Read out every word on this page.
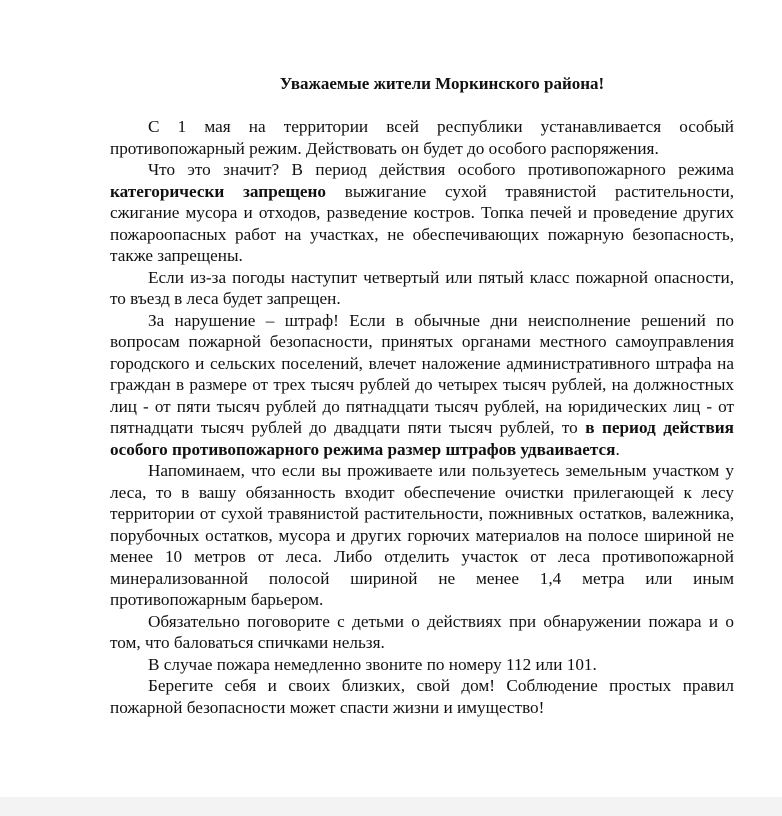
Уважаемые жители Моркинского района!

С 1 мая на территории всей республики устанавливается особый противопожарный режим. Действовать он будет до особого распоряжения.

Что это значит? В период действия особого противопожарного режима категорически запрещено выжигание сухой травянистой растительности, сжигание мусора и отходов, разведение костров. Топка печей и проведение других пожароопасных работ на участках, не обеспечивающих пожарную безопасность, также запрещены.

Если из-за погоды наступит четвертый или пятый класс пожарной опасности, то въезд в леса будет запрещен.

За нарушение – штраф! Если в обычные дни неисполнение решений по вопросам пожарной безопасности, принятых органами местного самоуправления городского и сельских поселений, влечет наложение административного штрафа на граждан в размере от трех тысяч рублей до четырех тысяч рублей, на должностных лиц - от пяти тысяч рублей до пятнадцати тысяч рублей, на юридических лиц - от пятнадцати тысяч рублей до двадцати пяти тысяч рублей, то в период действия особого противопожарного режима размер штрафов удваивается.

Напоминаем, что если вы проживаете или пользуетесь земельным участком у леса, то в вашу обязанность входит обеспечение очистки прилегающей к лесу территории от сухой травянистой растительности, пожнивных остатков, валежника, порубочных остатков, мусора и других горючих материалов на полосе шириной не менее 10 метров от леса. Либо отделить участок от леса противопожарной минерализованной полосой шириной не менее 1,4 метра или иным противопожарным барьером.

Обязательно поговорите с детьми о действиях при обнаружении пожара и о том, что баловаться спичками нельзя.

В случае пожара немедленно звоните по номеру 112 или 101.

Берегите себя и своих близких, свой дом! Соблюдение простых правил пожарной безопасности может спасти жизни и имущество!
